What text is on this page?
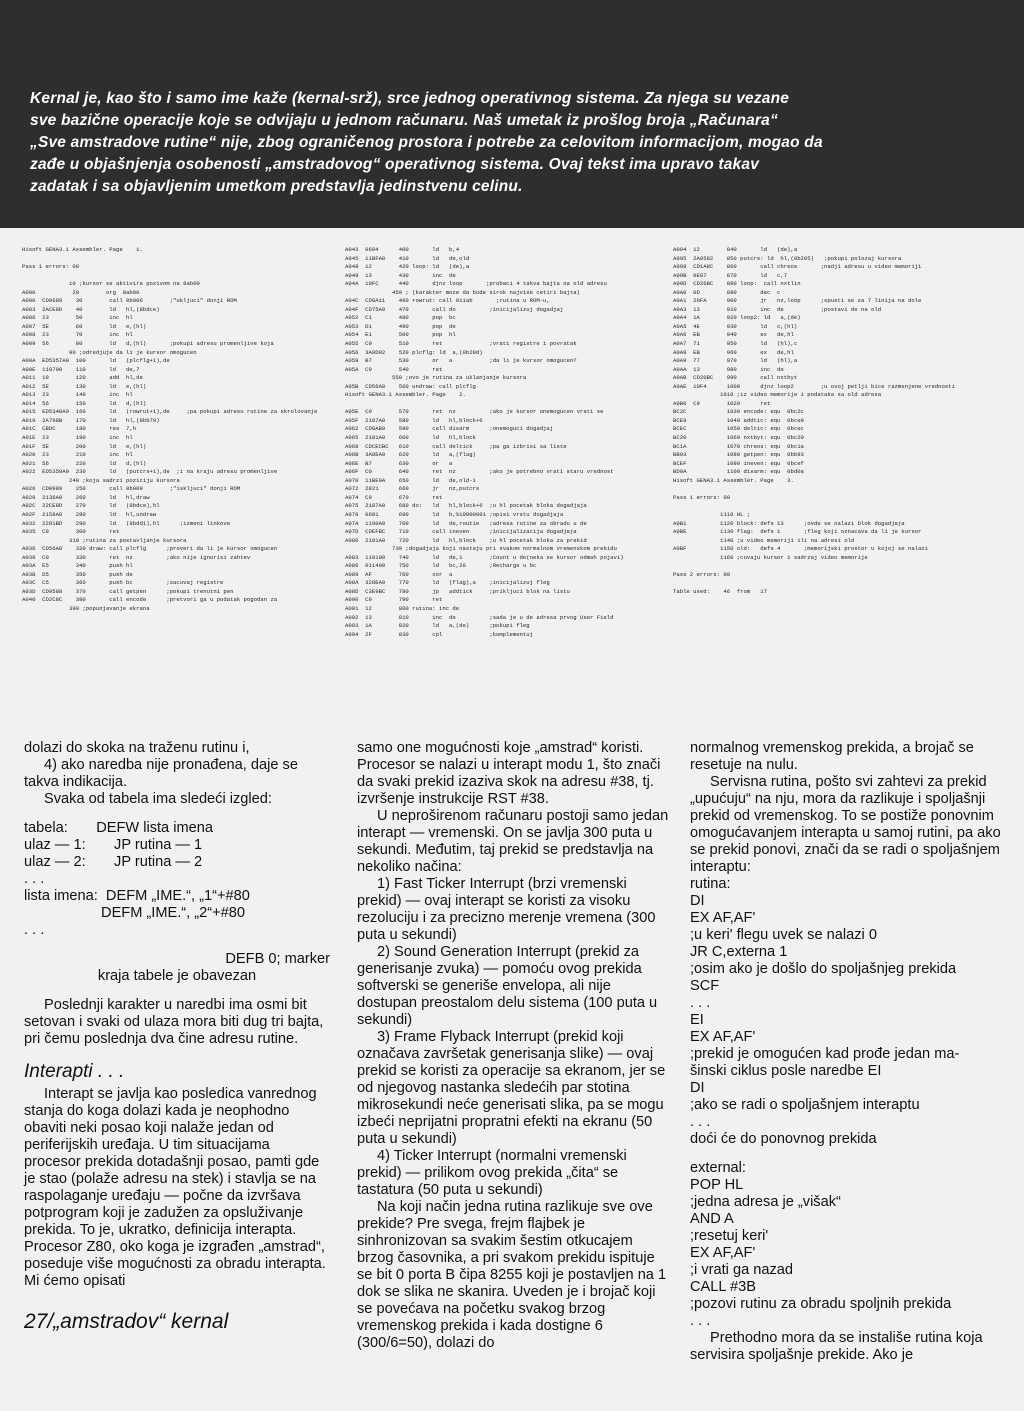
Kernal je, kao što i samo ime kaže (kernal-srž), srce jednog operativnog sistema. Za njega su vezane

sve bazične operacije koje se odvijaju u jednom računaru. Naš umetak iz prošlog broja „Računara“

„Sve amstradove rutine“ nije, zbog ograničenog prostora i potrebe za celovitom informacijom, mogao da

zađe u objašnjenja osobenosti „amstradovog“ operativnog sistema. Ovaj tekst ima upravo takav

zadatak i sa objavljenim umetkom predstavlja jedinstvenu celinu.

Hisoft GENA3.1 Assembler. Page    1.

Pass 1 errors: 00

10 ;kursor se aktivira pozivom na 8ab00
A000           20        org  8ab00
A000  CD0689    30        call 0b906        ;"ukljuci" donji ROM
A003  2ACE8D    40        ld   hl,(8bdce)
A006  23        50        inc  hl
A007  5E        60        ld   e,(hl)
A008  23        70        inc  hl
A009  56        80        ld   d,(hl)       ;pokupi adresu promenljive koja
90 ;odredjuje da li je kursor omogucen
A00A  ED5357A0  100       ld   (plcflg+1),de
A00E  110700    110       ld   de,7
A011  19        120       add  hl,de
A012  5E        130       ld   e,(hl)
A013  23        140       inc  hl
A014  56        150       ld   d,(hl)
A015  ED5340A0  160       ld   (rowrut+1),de     ;pa pokupi adresu rutine za skrolovanje
A019  2A798B    170       ld   hl,(8bb79)
A01C  CBDC      180       res  7,h
A01E  23        190       inc  hl
A01F  5E        200       ld   e,(hl)
A020  23        210       inc  hl
A021  56        220       ld   d,(hl)
A022  ED5359A0  230       ld   (putcrs+1),de  ;i na kraju adresu promenljive
240 ;koja sadrzi poziciju kursora
A026  CD0989    250       call 0b909        ;"iskljuci" donji ROM
A029  2136A0    260       ld   hl,draw
A02C  22CE8D    270       ld   (8bdce),hl
A02F  2158A0    280       ld   hl,undraw
A032  2291BD    290       ld   (8bdd1),hl      ;izmeni linkove
A035  C9        300       ret
310 ;rutina za postavljanje kursora
A036  CD56A0    320 draw: call plcflg      ;proveri da li je kursor omogucen
A039  C0        330       ret  nz          ;ako nije ignorisi zahtev
A03A  E5        340       push hl
A03B  D5        350       push de
A03C  C5        360       push bc          ;sacuvaj registre
A03D  CD9588    370       call getpen      ;pokupi trenutni pen
A040  CD2C8C    380       call encode      ;pretvori ga u podatak pogodan za
390 ;popunjavanje ekrana
A043  0604      400       ld   b,4
A045  11BFA0    410       ld   de,old
A048  12        420 loop: ld   (de),a
A049  13        430       inc  de
A04A  10FC      440       djnz loop       ;probaci 4 takva bajta na old adresu
450 ; (karakter moze da bude sirok najvise cetiri bajta)
A04C  CD0A11    460 rowrut: call 011ab       ;rutina u ROM-u,
A04F  CD75A0    470       call do          ;inicijalizuj dogadjaj
A052  C1        480       pop  bc
A053  D1        490       pop  de
A054  E1        500       pop  hl
A055  C9        510       ret              ;vrati registre i povratak
A056  3A0D02    520 plcflg: ld  a,(0b20d)
A059  B7        530       or   a           ;da li je kursor omogucen?
A05A  C9        540       ret
550 ;ovo je rutina za uklanjanje kursora
A05B  CD56A0    560 undraw: call plcflg
Hisoft GENA3.1 Assembler. Page    2.

A05E  C0        570       ret  nz          ;ako je kursor onemogucen vrati se
A05F  2187A0    580       ld   hl,block+6
A062  CD0AB9    590       call disarm      ;onemoguci dogadjaj
A065  2181A0    600       ld   hl,block
A068  CDCECBC   610       call deltick     ;pa ga izbrisi sa liste
A06B  3A8EA0    620       ld   a,(flag)
A06E  B7        630       or   a
A06F  C0        640       ret  nz          ;ako je potrebno vrati staru vrednost
A070  11BE0A    650       ld   de,old-1
A072  2821      660       jr   nz,putcrs
A074  C9        670       ret
A075  2187A0    680 do:   ld   hl,block+6  ;u hl pocetak bloka dogadjaja
A078  0681      690       ld   b,%10000001 ;opisi vrstu dogadjaja
A07A  1190A0    700       ld   de,routie   ;adresa rutine za obradu u de
A07D  CDEFBC    710       call ineven      ;inicijalizacija dogadjaja
A080  2181A0    720       ld   hl,block    ;u hl pocetak bloka za prekid
730 ;dogadjaja koji nastaju pri svakom normalnom vremenskom prekidu
A083  110100    740       ld   de,1        ;Count u de(neka se kursor odmah pojavi)
A086  011400    750       ld   bc,20       ;Recharge u bc
A089  AF        760       xor  a
A08A  328EA0    770       ld   (flag),a    ;inicijalizuj fleg
A08D  C3E9BC    780       jp   addtick     ;prikljuci blok na listu
A090  C9        790       ret
A091  12        800 rutina: inc de
A092  13        810       inc  de          ;sada je u de adresa prvog User Field
A093  1A        820       ld   a,(de)      ;pokupi fleg
A094  2F        830       cpl              ;komplementuj
A094  12        840       ld   (de),a
A095  2A0582    850 putcrs: ld  hl,(0b205)   ;pokupi polozaj kursora
A098  CD1A8C    860       call chreos       ;nadji adresu u video memoriji
A09B  0E07      870       ld   c,7
A09D  CD26BC    880 loop:  call nxtlin
A0A0  0D        890       dec  c
A0A1  20FA      900       jr   nz,loop      ;spusti se za 7 linija na dole
A0A3  13        910       inc  de           ;postavi de na old
A0A4  1A        920 loop2: ld   a,(de)
A0A5  4E        930       ld   c,(hl)
A0A6  EB        940       ex   de,hl
A0A7  71        950       ld   (hl),c
A0A8  EB        960       ex   de,hl
A0A9  77        970       ld   (hl),a
A0AA  13        980       inc  de
A0AB  CD20BC    990       call nxtbyt
A0AE  10F4      1000      djnz loop2        ;u ovoj petlji bice razmenjene vrednosti
1010 ;iz video memorije i podataka sa old adresa
A0B0  C9        1020      ret
BC2C            1030 encode: equ  0bc2c
BCE9            1040 addtic: equ  0bce9
BCEC            1050 deltic: equ  0bcec
BC20            1060 nxtbyt: equ  0bc20
BC1A            1070 chreos: equ  0bc1a
BB93            1080 getpen: equ  0bb93
BCEF            1090 ineven: equ  0bcef
BD0A            1100 disarm: equ  0bd0a
Hisoft GENA3.1 Assembler. Page    3.

Pass 1 errors: 00

1110 HL ;
A0B1          1120 block: defs 13      ;ovde se nalazi blok dogadjaja
A0BE          1130 flag:  defs 1       ;fleg koji oznacava da li je kursor
1140 ;u video memoriji ili na adresi old
A0BF          1150 old:   defs 4       ;memorijski prostor u kojoj se nalazi
1160 ;cuvaju kursor i sadrzaj video memorije

Pass 2 errors: 00

Table used:    46  from   17

dolazi do skoka na traženu rutinu i,

4) ako naredba nije pronađena, daje se takva indikacija.

Svaka od tabela ima sledeći izgled:

tabela:       DEFW lista imena
ulaz — 1:       JP rutina — 1
ulaz — 2:       JP rutina — 2
. . .
lista imena:  DEFM „IME.“, „1“+#80
DEFM „IME.“, „2“+#80
. . .

DEFB 0; marker

kraja tabele je obavezan

Poslednji karakter u naredbi ima osmi bit setovan i svaki od ulaza mora biti dug tri bajta, pri čemu poslednja dva čine adresu rutine.

Interapti . . .

Interapt se javlja kao posledica vanrednog stanja do koga dolazi kada je neophodno obaviti neki posao koji nalaže jedan od periferijskih uređaja. U tim situacijama procesor prekida dotadašnji posao, pamti gde je stao (polaže adresu na stek) i stavlja se na raspolaganje uređaju — počne da izvršava potprogram koji je zadužen za opsluživanje prekida. To je, ukratko, definicija interapta. Procesor Z80, oko koga je izgrađen „amstrad“, poseduje više mogućnosti za obradu interapta. Mi ćemo opisati

samo one mogućnosti koje „amstrad“ koristi. Procesor se nalazi u interapt modu 1, što znači da svaki prekid izaziva skok na adresu #38, tj. izvršenje instrukcije RST #38.

U neproširenom računaru postoji samo jedan interapt — vremenski. On se javlja 300 puta u sekundi. Međutim, taj prekid se predstavlja na nekoliko načina:

1) Fast Ticker Interrupt (brzi vremenski prekid) — ovaj interapt se koristi za visoku rezoluciju i za precizno merenje vremena (300 puta u sekundi)

2) Sound Generation Interrupt (prekid za generisanje zvuka) — pomoću ovog prekida softverski se generiše envelopa, ali nije dostupan preostalom delu sistema (100 puta u sekundi)

3) Frame Flyback Interrupt (prekid koji označava završetak generisanja slike) — ovaj prekid se koristi za operacije sa ekranom, jer se od njegovog nastanka sledećih par stotina mikrosekundi neće generisati slika, pa se mogu izbeći neprijatni propratni efekti na ekranu (50 puta u sekundi)

4) Ticker Interrupt (normalni vremenski prekid) — prilikom ovog prekida „čita“ se tastatura (50 puta u sekundi)

Na koji način jedna rutina razlikuje sve ove prekide? Pre svega, frejm flajbek je sinhronizovan sa svakim šestim otkucajem brzog časovnika, a pri svakom prekidu ispituje se bit 0 porta B čipa 8255 koji je postavljen na 1 dok se slika ne skanira. Uveden je i brojač koji se povećava na početku svakog brzog vremenskog prekida i kada dostigne 6 (300/6=50), dolazi do

normalnog vremenskog prekida, a brojač se resetuje na nulu.

Servisna rutina, pošto svi zahtevi za prekid „upućuju“ na nju, mora da razlikuje i spoljašnji prekid od vremenskog. To se postiže ponovnim omogućavanjem interapta u samoj rutini, pa ako se prekid ponovi, znači da se radi o spoljašnjem interaptu:

rutina:
DI
EX AF,AF'
;u keri' flegu uvek se nalazi 0
JR C,externa 1
;osim ako je došlo do spoljašnjeg prekida
SCF
. . .
EI
EX AF,AF'
;prekid je omogućen kad prođe jedan ma-
šinski ciklus posle naredbe EI
DI
;ako se radi o spoljašnjem interaptu
. . .
doći će do ponovnog prekida
external:
POP HL
;jedna adresa je „višak“
AND A
;resetuj keri'
EX AF,AF'
;i vrati ga nazad
CALL #3B
;pozovi rutinu za obradu spoljnih prekida
. . .

Prethodno mora da se instališe rutina koja servisira spoljašnje prekide. Ako je

27/„amstradov“ kernal
